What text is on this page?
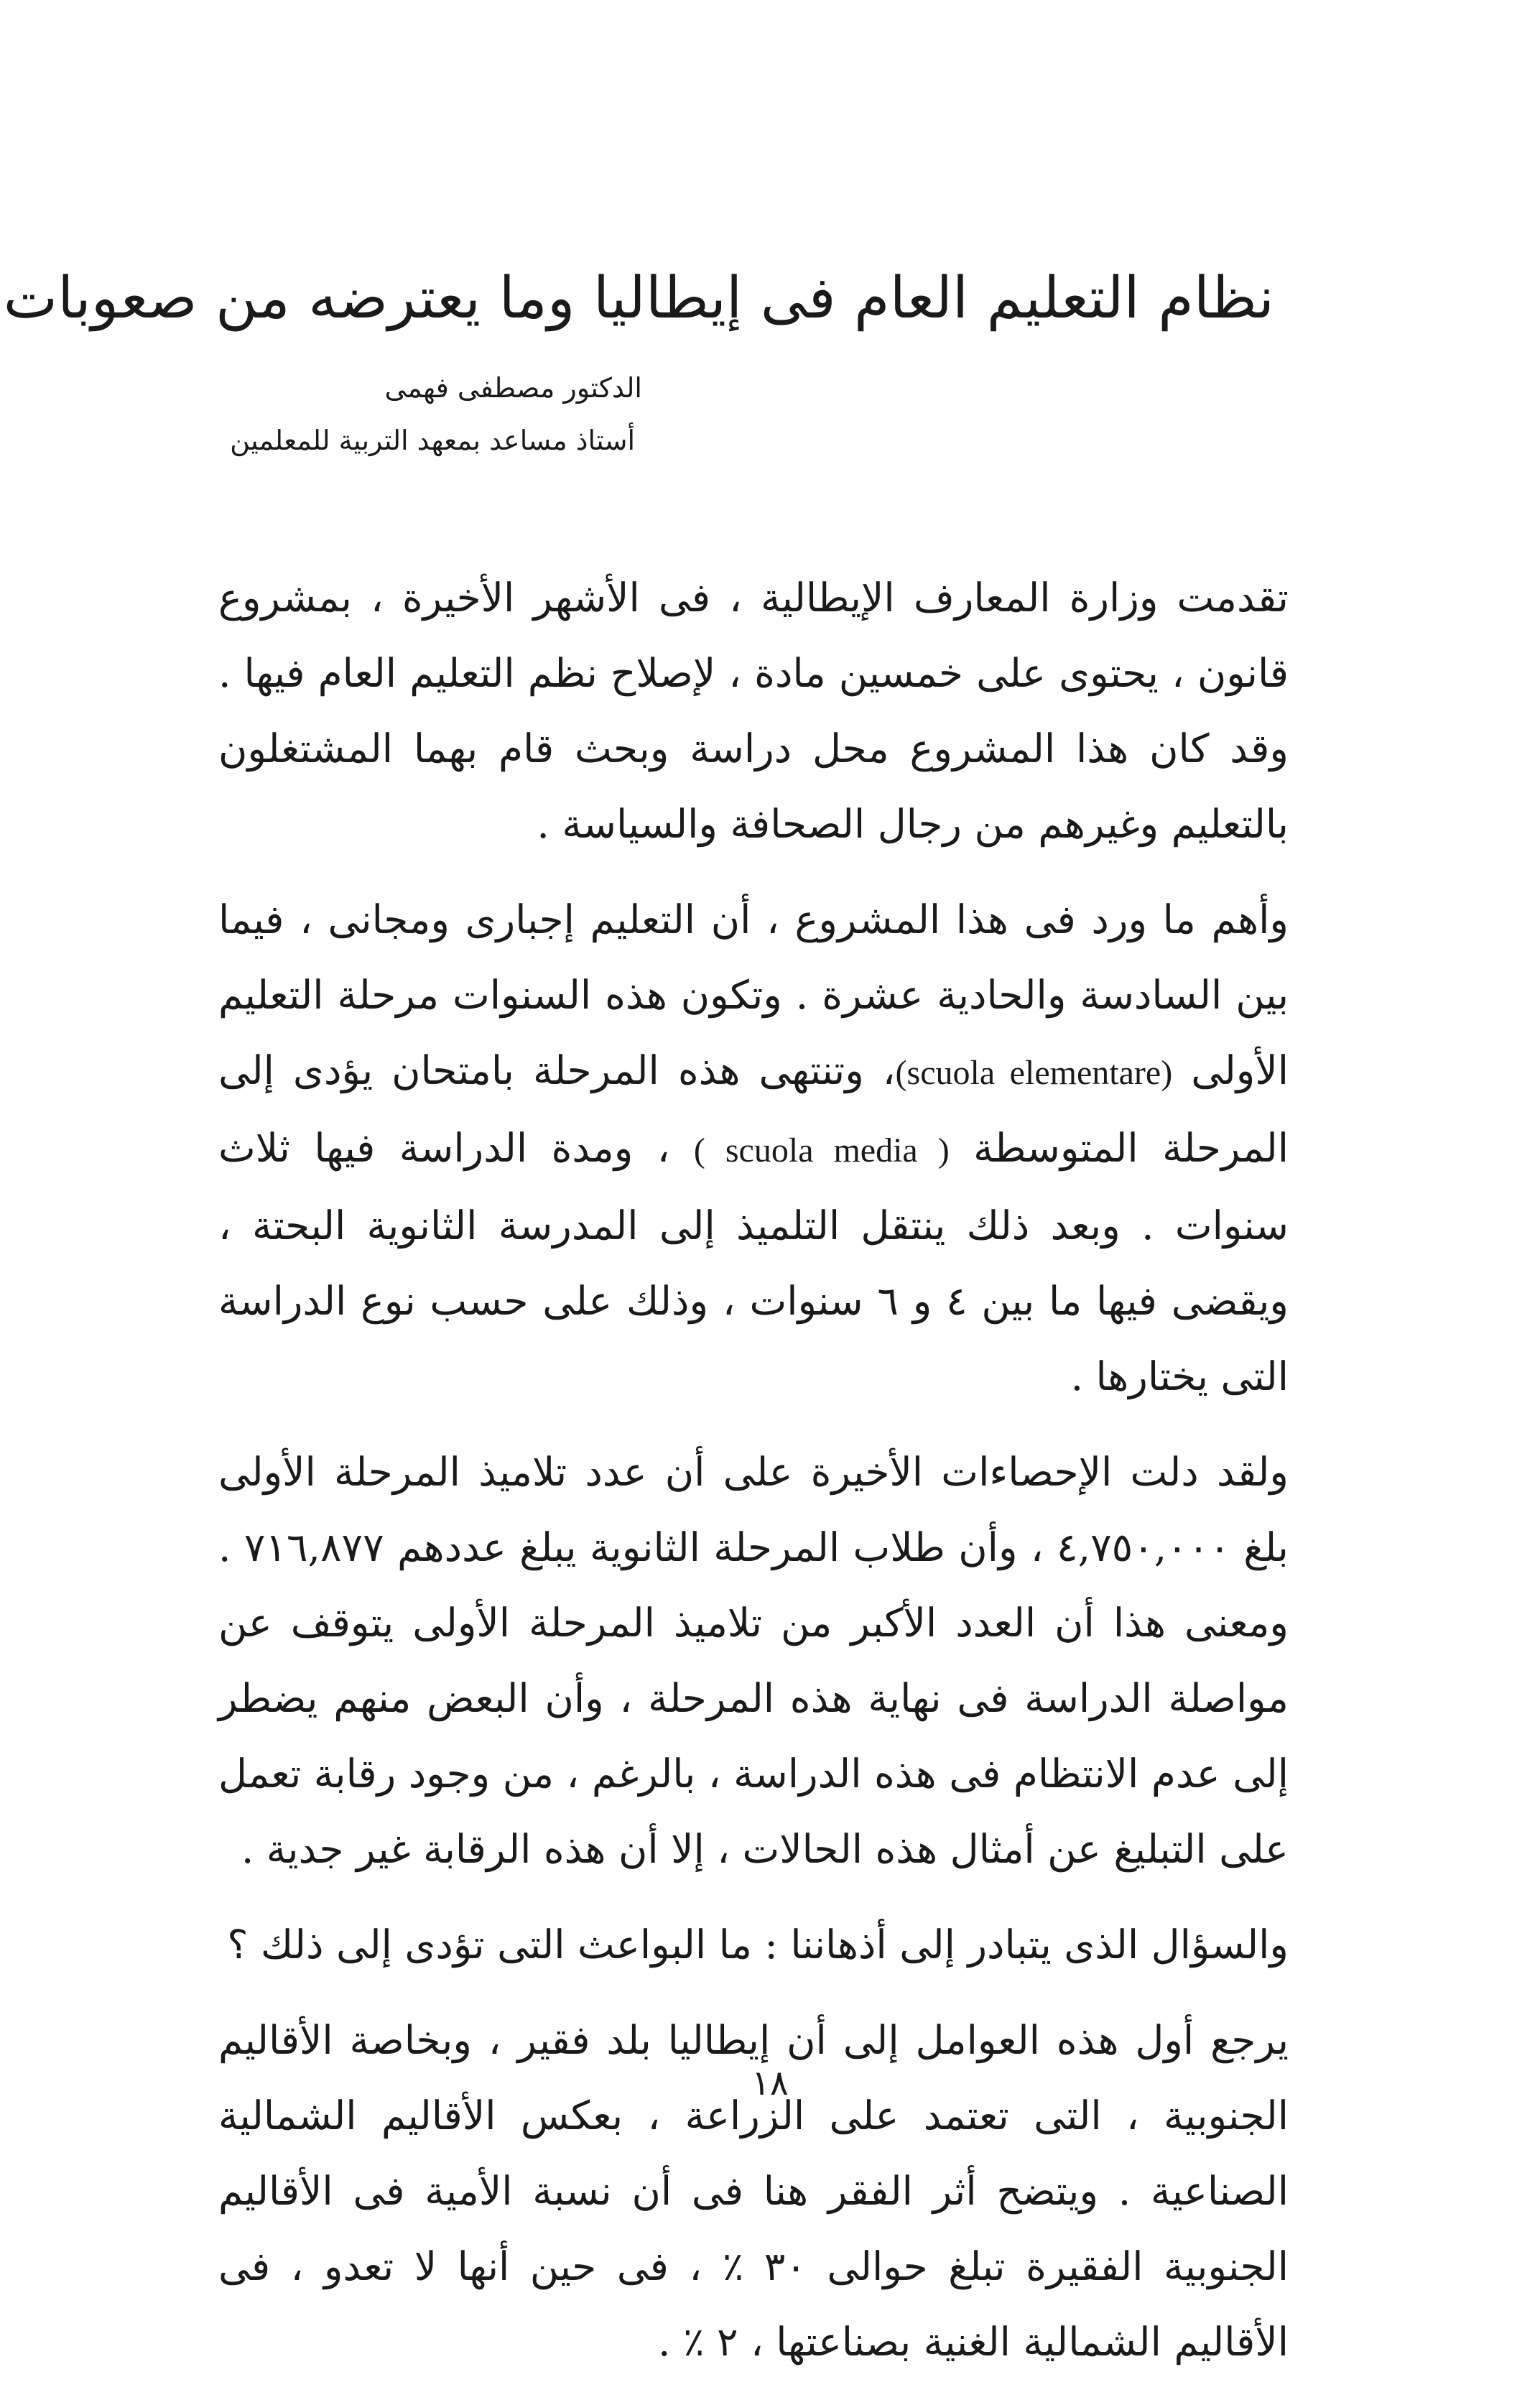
نظام التعليم العام فى إيطاليا وما يعترضه من صعوبات
الدكتور مصطفى فهمى
أستاذ مساعد بمعهد التربية للمعلمين

تقدمت وزارة المعارف الإيطالية ، فى الأشهر الأخيرة ، بمشروع قانون ، يحتوى على خمسين مادة ، لإصلاح نظم التعليم العام فيها . وقد كان هذا المشروع محل دراسة وبحث قام بهما المشتغلون بالتعليم وغيرهم من رجال الصحافة والسياسة .

وأهم ما ورد فى هذا المشروع ، أن التعليم إجبارى ومجانى ، فيما بين السادسة والحادية عشرة . وتكون هذه السنوات مرحلة التعليم الأولى (scuola elementare)، وتنتهى هذه المرحلة بامتحان يؤدى إلى المرحلة المتوسطة ( scuola media ) ، ومدة الدراسة فيها ثلاث سنوات . وبعد ذلك ينتقل التلميذ إلى المدرسة الثانوية البحتة ، ويقضى فيها ما بين ٤ و ٦ سنوات ، وذلك على حسب نوع الدراسة التى يختارها .

ولقد دلت الإحصاءات الأخيرة على أن عدد تلاميذ المرحلة الأولى بلغ ٤,٧٥٠,٠٠٠ ، وأن طلاب المرحلة الثانوية يبلغ عددهم ٧١٦,٨٧٧ . ومعنى هذا أن العدد الأكبر من تلاميذ المرحلة الأولى يتوقف عن مواصلة الدراسة فى نهاية هذه المرحلة ، وأن البعض منهم يضطر إلى عدم الانتظام فى هذه الدراسة ، بالرغم ، من وجود رقابة تعمل على التبليغ عن أمثال هذه الحالات ، إلا أن هذه الرقابة غير جدية .

والسؤال الذى يتبادر إلى أذهاننا : ما البواعث التى تؤدى إلى ذلك ؟

يرجع أول هذه العوامل إلى أن إيطاليا بلد فقير ، وبخاصة الأقاليم الجنوبية ، التى تعتمد على الزراعة ، بعكس الأقاليم الشمالية الصناعية . ويتضح أثر الفقر هنا فى أن نسبة الأمية فى الأقاليم الجنوبية الفقيرة تبلغ حوالى ٣٠ ٪ ، فى حين أنها لا تعدو ، فى الأقاليم الشمالية الغنية بصناعتها ، ٢ ٪ .

١٨
